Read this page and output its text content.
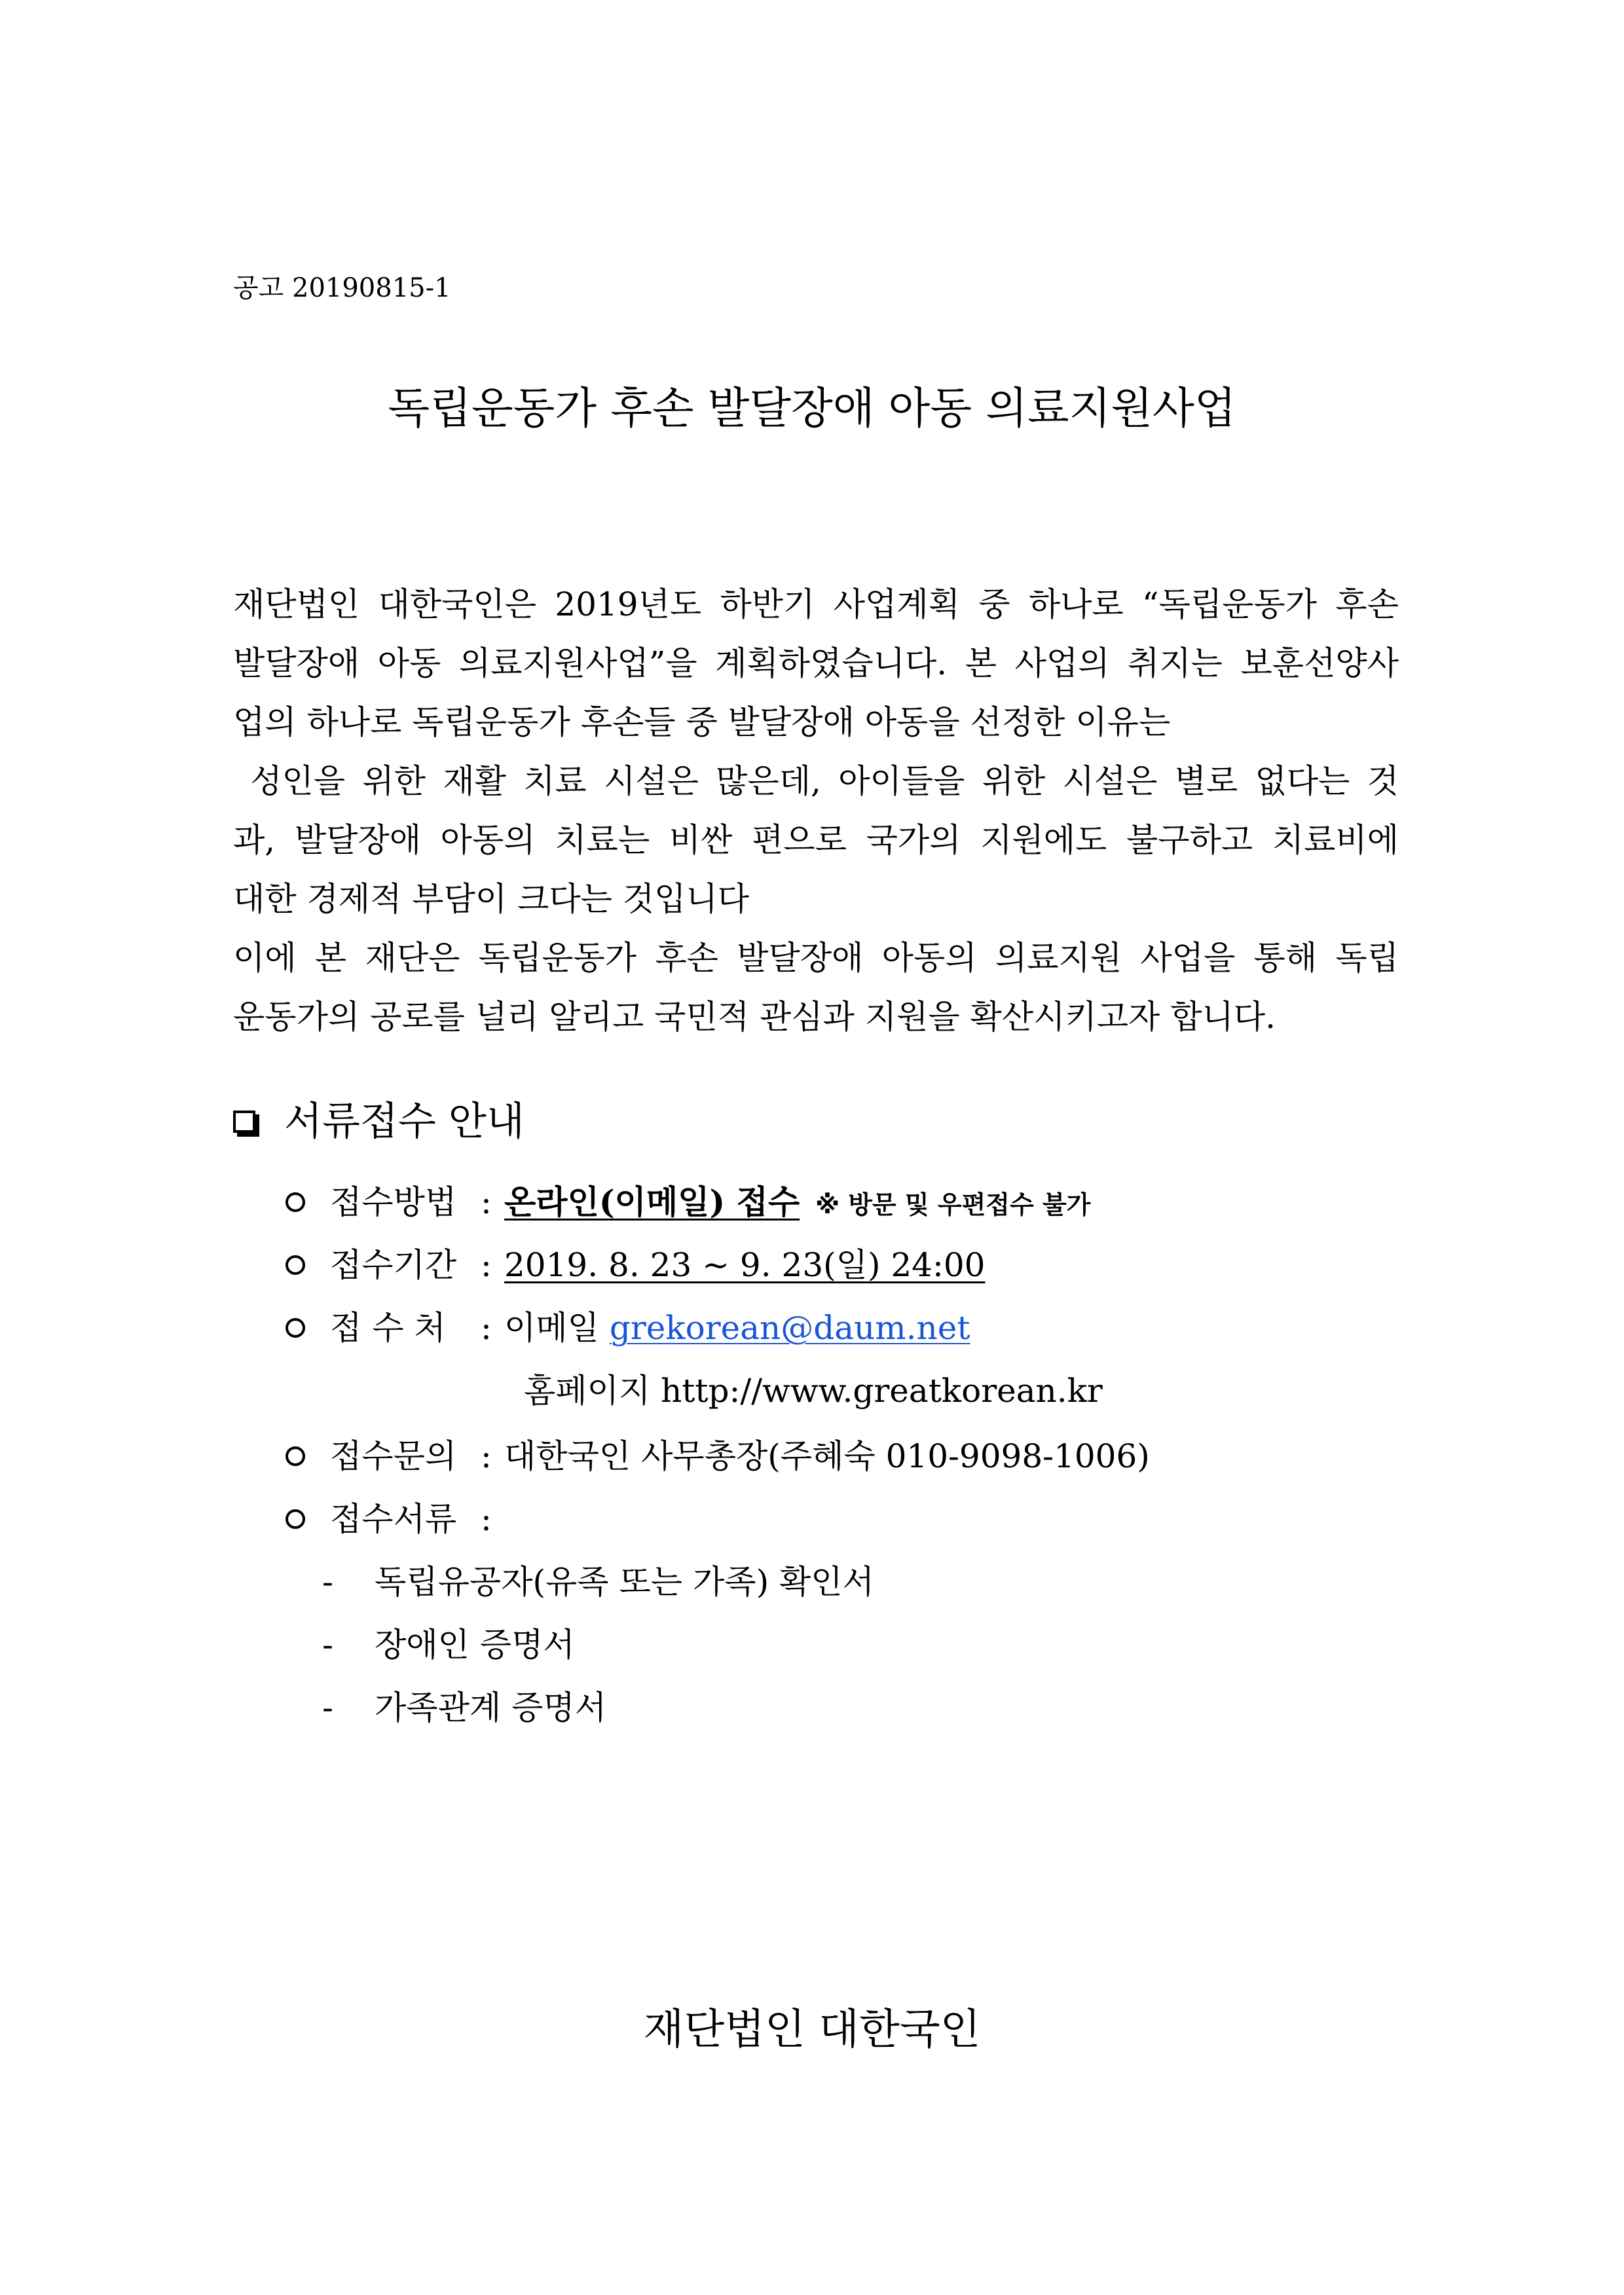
공고 20190815-1
독립운동가 후손 발달장애 아동 의료지원사업
재단법인 대한국인은 2019년도 하반기 사업계획 중 하나로 “독립운동가 후손
발달장애 아동 의료지원사업”을 계획하였습니다. 본 사업의 취지는 보훈선양사
업의 하나로 독립운동가 후손들 중 발달장애 아동을 선정한 이유는
성인을 위한 재활 치료 시설은 많은데, 아이들을 위한 시설은 별로 없다는 것
과, 발달장애 아동의 치료는 비싼 편으로 국가의 지원에도 불구하고 치료비에
대한 경제적 부담이 크다는 것입니다
이에 본 재단은 독립운동가 후손 발달장애 아동의 의료지원 사업을 통해 독립
운동가의 공로를 널리 알리고 국민적 관심과 지원을 확산시키고자 합니다.
서류접수 안내
접수방법 : 온라인(이메일) 접수 ※ 방문 및 우편접수 불가
접수기간 : 2019. 8. 23 ~ 9. 23(일) 24:00
접 수 처 : 이메일 grekorean@daum.net
홈페이지 http://www.greatkorean.kr
접수문의 : 대한국인 사무총장(주혜숙 010-9098-1006)
접수서류 :
- 독립유공자(유족 또는 가족) 확인서
- 장애인 증명서
- 가족관계 증명서
재단법인 대한국인
